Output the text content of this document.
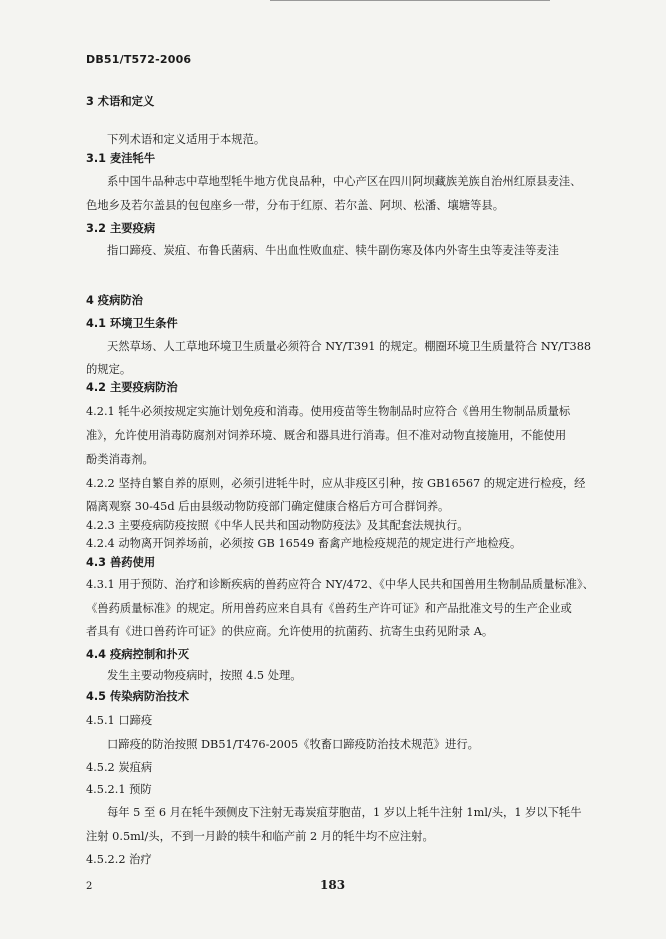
DB51/T572-2006
3 术语和定义
下列术语和定义适用于本规范。
3.1 麦洼牦牛
系中国牛品种志中草地型牦牛地方优良品种，中心产区在四川阿坝藏族羌族自治州红原县麦洼、
色地乡及若尔盖县的包包座乡一带，分布于红原、若尔盖、阿坝、松潘、壤塘等县。
3.2 主要疫病
指口蹄疫、炭疽、布鲁氏菌病、牛出血性败血症、犊牛副伤寒及体内外寄生虫等麦洼等麦洼
4 疫病防治
4.1 环境卫生条件
天然草场、人工草地环境卫生质量必须符合 NY/T391 的规定。棚圈环境卫生质量符合 NY/T388
的规定。
4.2 主要疫病防治
4.2.1 牦牛必须按规定实施计划免疫和消毒。使用疫苗等生物制品时应符合《兽用生物制品质量标
准》，允许使用消毒防腐剂对饲养环境、厩舍和器具进行消毒。但不准对动物直接施用，不能使用
酚类消毒剂。
4.2.2 坚持自繁自养的原则，必须引进牦牛时，应从非疫区引种，按 GB16567 的规定进行检疫，经
隔离观察 30-45d 后由县级动物防疫部门确定健康合格后方可合群饲养。
4.2.3 主要疫病防疫按照《中华人民共和国动物防疫法》及其配套法规执行。
4.2.4 动物离开饲养场前，必须按 GB 16549 畜禽产地检疫规范的规定进行产地检疫。
4.3 兽药使用
4.3.1 用于预防、治疗和诊断疾病的兽药应符合 NY/472、《中华人民共和国兽用生物制品质量标准》、
《兽药质量标准》的规定。所用兽药应来自具有《兽药生产许可证》和产品批准文号的生产企业或
者具有《进口兽药许可证》的供应商。允许使用的抗菌药、抗寄生虫药见附录 A。
4.4 疫病控制和扑灭
发生主要动物疫病时，按照 4.5 处理。
4.5 传染病防治技术
4.5.1 口蹄疫
口蹄疫的防治按照 DB51/T476-2005《牧畜口蹄疫防治技术规范》进行。
4.5.2 炭疽病
4.5.2.1 预防
每年 5 至 6 月在牦牛颈侧皮下注射无毒炭疽芽胞苗，1 岁以上牦牛注射 1ml/头，1 岁以下牦牛
注射 0.5ml/头，不到一月龄的犊牛和临产前 2 月的牦牛均不应注射。
4.5.2.2 治疗
2	183
